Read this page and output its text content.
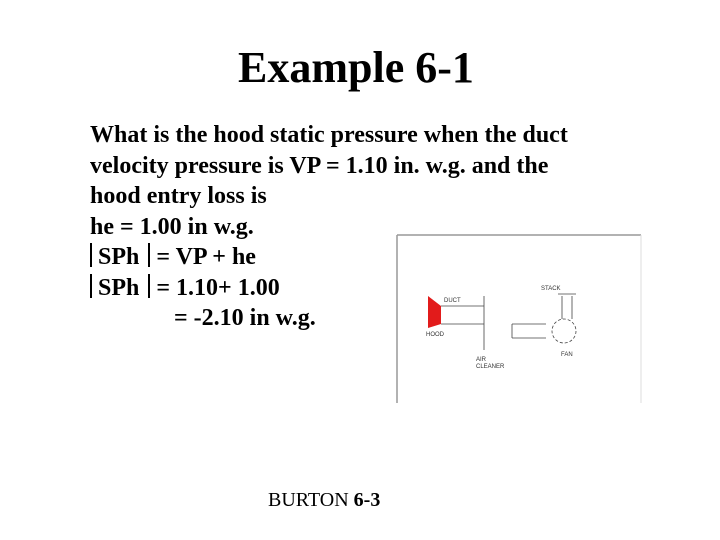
Example 6-1
What is the hood static pressure when the duct
velocity pressure is VP = 1.10 in. w.g. and the
hood entry loss is
he = 1.00 in w.g.
SPh = VP + he
SPh = 1.10+ 1.00
= -2.10 in w.g.
DUCT
HOOD
AIR
CLEANER
STACK
FAN
BURTON 6-3
